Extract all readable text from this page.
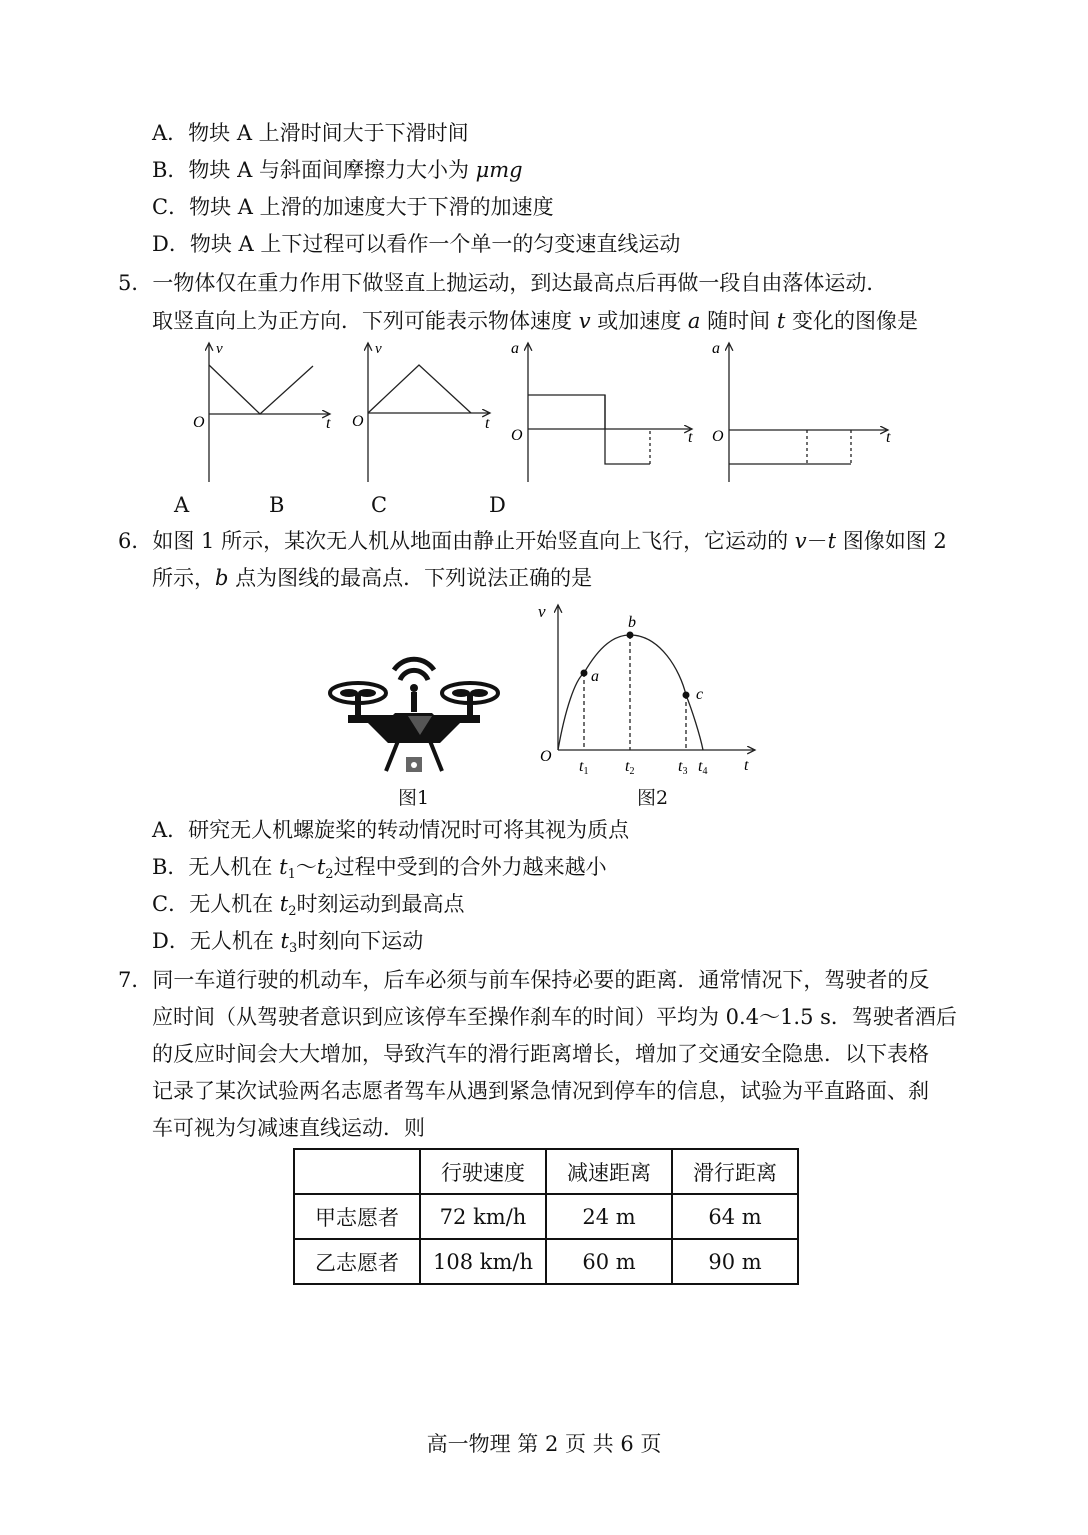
A．物块 A 上滑时间大于下滑时间
B．物块 A 与斜面间摩擦力大小为 μmg
C．物块 A 上滑的加速度大于下滑的加速度
D．物块 A 上下过程可以看作一个单一的匀变速直线运动
5．一物体仅在重力作用下做竖直上抛运动，到达最高点后再做一段自由落体运动．
取竖直向上为正方向．下列可能表示物体速度 v 或加速度 a 随时间 t 变化的图像是
v
O	t
v
O	t
a
O	t
a
O	t
A	B	C	D
6．如图 1 所示，某次无人机从地面由静止开始竖直向上飞行，它运动的 v－t 图像如图 2
所示，b 点为图线的最高点．下列说法正确的是
v
O
t
a
b
c
t1 t2	t3 t4
图1	图2
A．研究无人机螺旋桨的转动情况时可将其视为质点
B．无人机在 $t_1\sim t_2$过程中受到的合外力越来越小
C．无人机在 $t_2$时刻运动到最高点
D．无人机在 $t_3$时刻向下运动
7．同一车道行驶的机动车，后车必须与前车保持必要的距离．通常情况下，驾驶者的反
应时间（从驾驶者意识到应该停车至操作刹车的时间）平均为 0.4～1.5 s．驾驶者酒后
的反应时间会大大增加，导致汽车的滑行距离增长，增加了交通安全隐患．以下表格
记录了某次试验两名志愿者驾车从遇到紧急情况到停车的信息，试验为平直路面、刹
车可视为匀减速直线运动．则
	行驶速度	减速距离	滑行距离
甲志愿者	72 km/h	24 m	64 m
乙志愿者	108 km/h	60 m	90 m
高一物理 第 2 页 共 6 页
